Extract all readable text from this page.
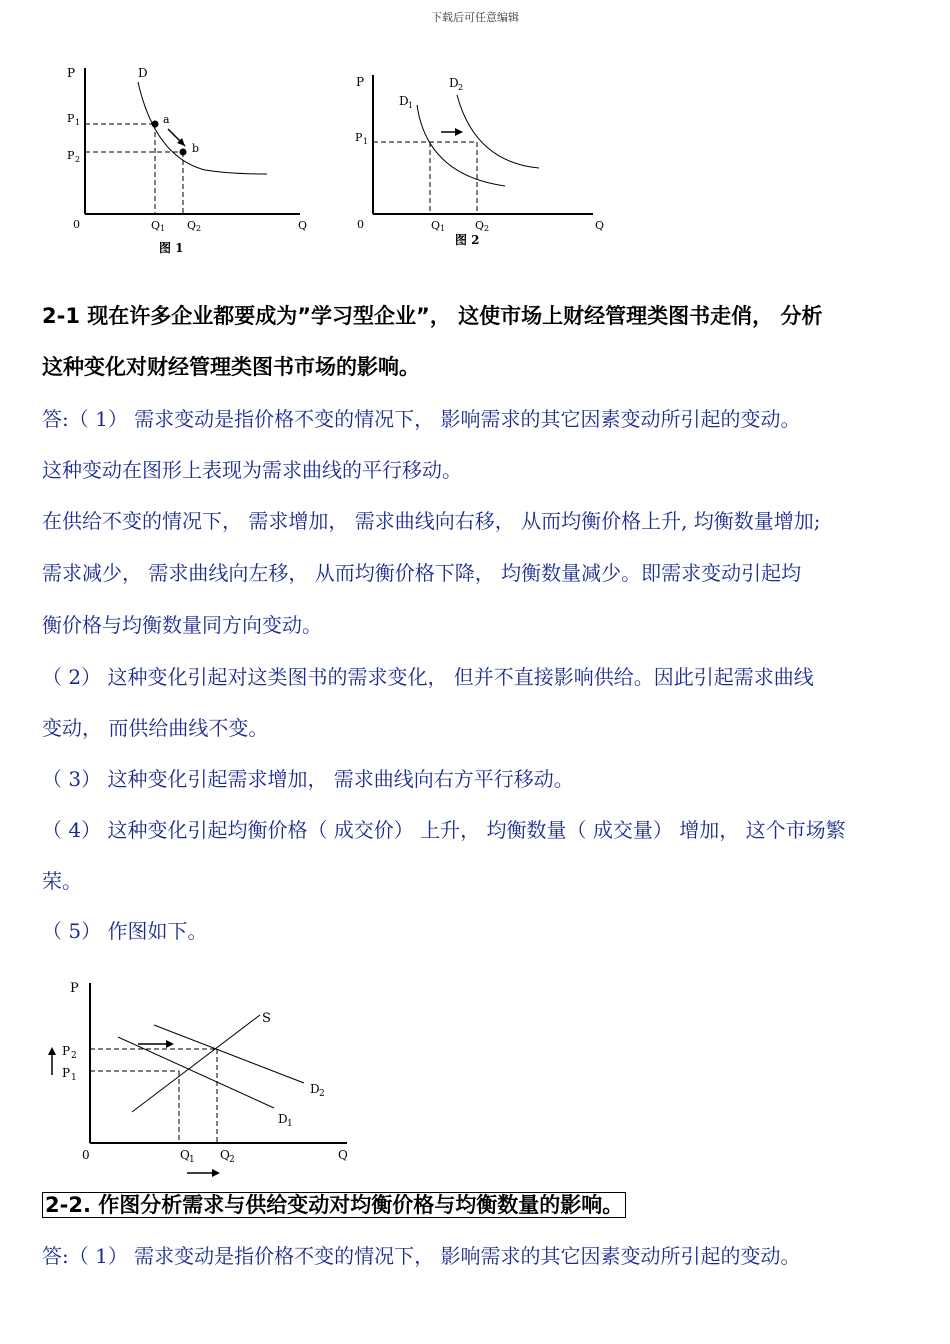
下载后可任意编辑
P	D
P 1
P 2
a
b
0	Q 1 Q 2	Q
图 1
P
D 1
D 2
P 1
0	Q 1	Q 2	Q
图 2
2-1 现在许多企业都要成为”学习型企业”， 这使市场上财经管理类图书走俏， 分析
这种变化对财经管理类图书市场的影响。
答:（ 1） 需求变动是指价格不变的情况下， 影响需求的其它因素变动所引起的变动。
这种变动在图形上表现为需求曲线的平行移动。
在供给不变的情况下， 需求增加， 需求曲线向右移， 从而均衡价格上升, 均衡数量增加;
需求减少， 需求曲线向左移， 从而均衡价格下降， 均衡数量减少。即需求变动引起均
衡价格与均衡数量同方向变动。
（ 2） 这种变化引起对这类图书的需求变化， 但并不直接影响供给。因此引起需求曲线
变动， 而供给曲线不变。
（ 3） 这种变化引起需求增加， 需求曲线向右方平行移动。
（ 4） 这种变化引起均衡价格（ 成交价） 上升， 均衡数量（ 成交量） 增加， 这个市场繁
荣。
（ 5） 作图如下。
P
S
P 2
P 1
D 2
D 1
0	Q 1 Q 2	Q
2-2. 作图分析需求与供给变动对均衡价格与均衡数量的影响。
答:（ 1） 需求变动是指价格不变的情况下， 影响需求的其它因素变动所引起的变动。
